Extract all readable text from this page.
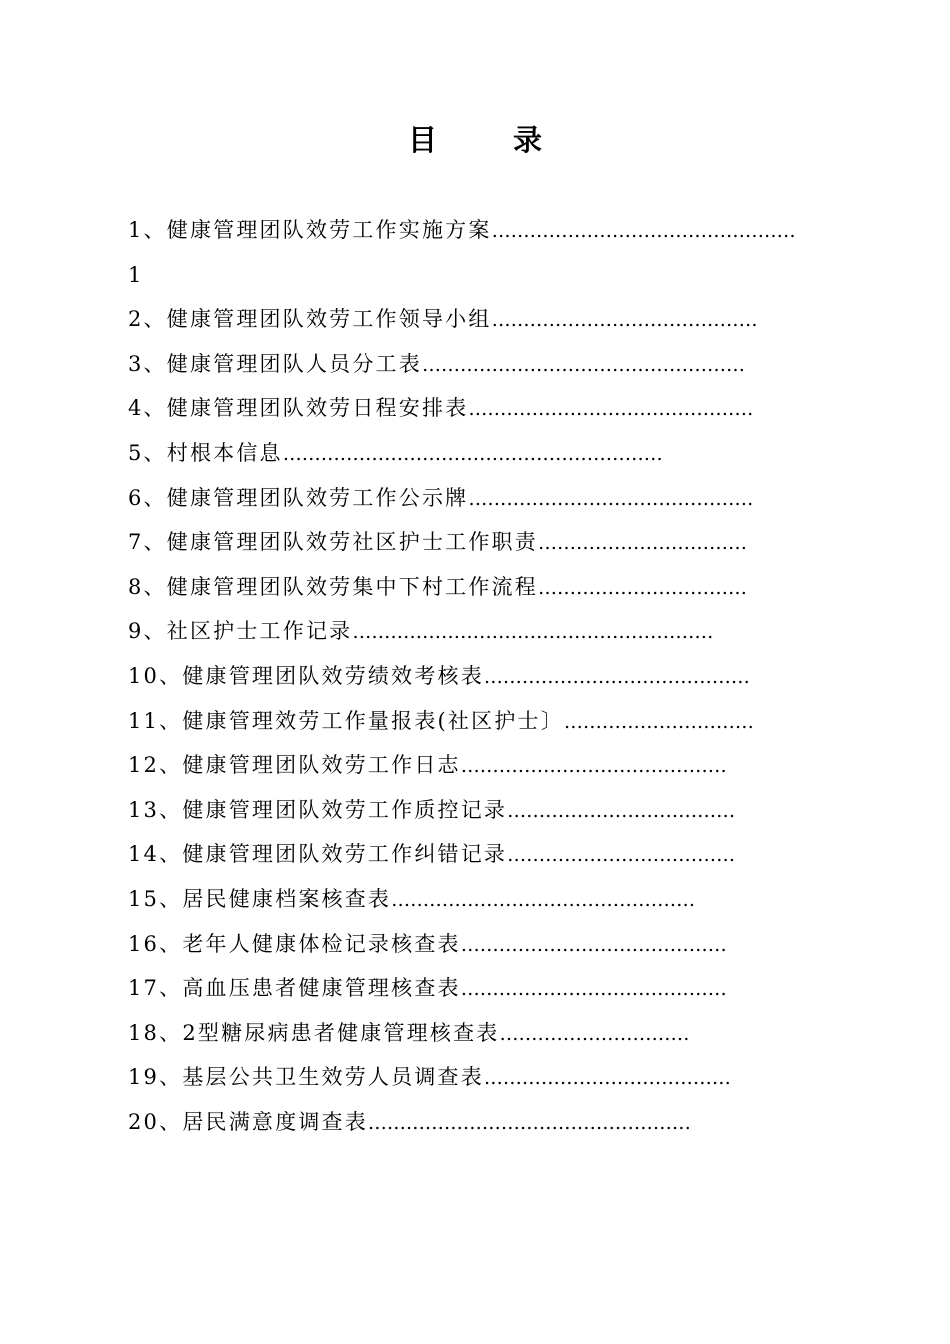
目	录
1、健康管理团队效劳工作实施方案…………………………………………
1
2、健康管理团队效劳工作领导小组……………………………………
3、健康管理团队人员分工表……………………………………………
4、健康管理团队效劳日程安排表………………………………………
5、村根本信息……………………………………………………
6、健康管理团队效劳工作公示牌………………………………………
7、健康管理团队效劳社区护士工作职责……………………………
8、健康管理团队效劳集中下村工作流程……………………………
9、社区护士工作记录…………………………………………………
10、健康管理团队效劳绩效考核表……………………………………
11、健康管理效劳工作量报表(社区护士〕…………………………
12、健康管理团队效劳工作日志……………………………………
13、健康管理团队效劳工作质控记录………………………………
14、健康管理团队效劳工作纠错记录………………………………
15、居民健康档案核查表…………………………………………
16、老年人健康体检记录核查表……………………………………
17、高血压患者健康管理核查表……………………………………
18、2型糖尿病患者健康管理核查表…………………………
19、基层公共卫生效劳人员调查表…………………………………
20、居民满意度调查表……………………………………………
